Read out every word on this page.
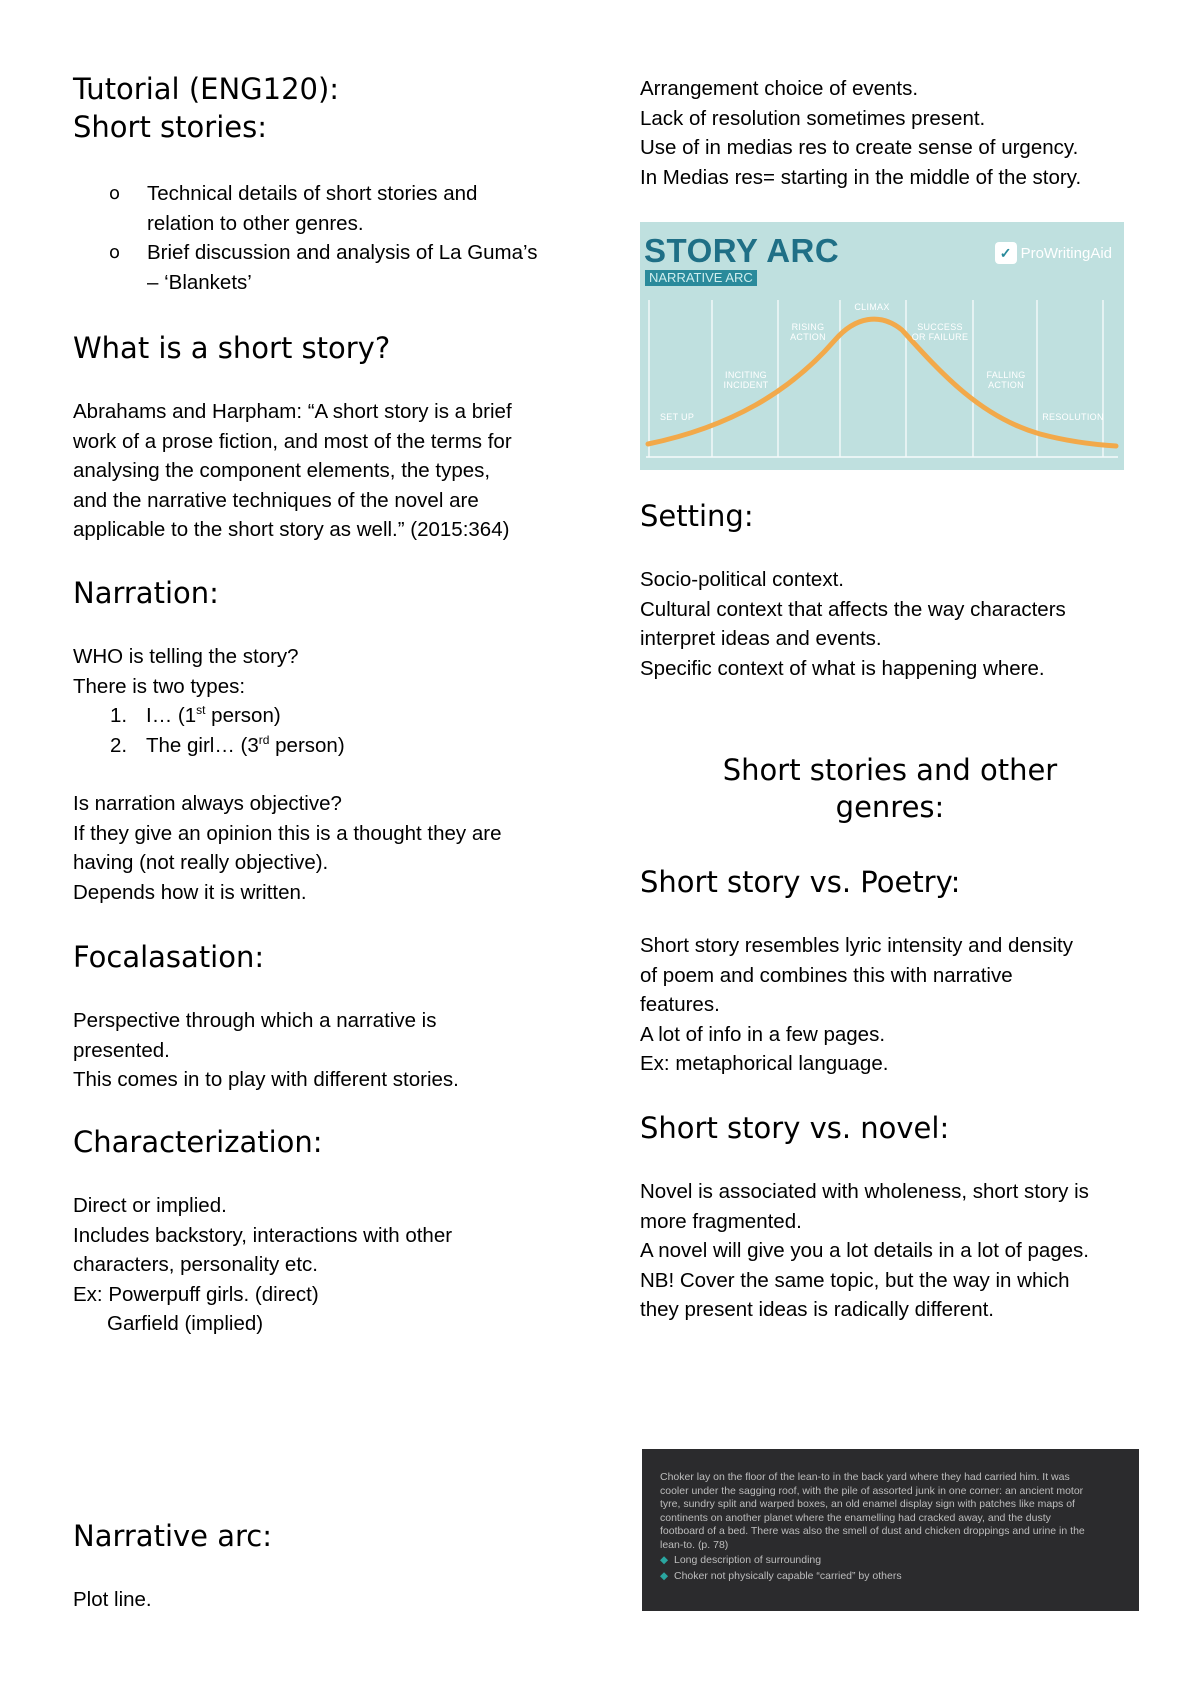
Tutorial (ENG120):
Short stories:
o	Technical details of short stories and
relation to other genres.
o	Brief discussion and analysis of La Guma’s
– ‘Blankets’
What is a short story?
Abrahams and Harpham: “A short story is a brief
work of a prose fiction, and most of the terms for
analysing the component elements, the types,
and the narrative techniques of the novel are
applicable to the short story as well.” (2015:364)
Narration:
WHO is telling the story?
There is two types:
1. I… (1st person)
2. The girl… (3rd person)
Is narration always objective?
If they give an opinion this is a thought they are
having (not really objective).
Depends how it is written.
Focalasation:
Perspective through which a narrative is
presented.
This comes in to play with different stories.
Characterization:
Direct or implied.
Includes backstory, interactions with other
characters, personality etc.
Ex: Powerpuff girls. (direct)
Garfield (implied)
Narrative arc:
Plot line.
Arrangement choice of events.
Lack of resolution sometimes present.
Use of in medias res to create sense of urgency.
In Medias res= starting in the middle of the story.
Setting:
Socio-political context.
Cultural context that affects the way characters
interpret ideas and events.
Specific context of what is happening where.
Short stories and other
genres:
Short story vs. Poetry:
Short story resembles lyric intensity and density
of poem and combines this with narrative
features.
A lot of info in a few pages.
Ex: metaphorical language.
Short story vs. novel:
Novel is associated with wholeness, short story is
more fragmented.
A novel will give you a lot details in a lot of pages.
NB! Cover the same topic, but the way in which
they present ideas is radically different.
STORY ARC
NARRATIVE ARC
✓ ProWritingAid
SET UP
INCITING
INCIDENT
RISING
ACTION
CLIMAX
SUCCESS
OR FAILURE
FALLING
ACTION
RESOLUTION
Choker lay on the floor of the lean-to in the back yard where they had carried him. It was
cooler under the sagging roof, with the pile of assorted junk in one corner: an ancient motor
tyre, sundry split and warped boxes, an old enamel display sign with patches like maps of
continents on another planet where the enamelling had cracked away, and the dusty
footboard of a bed. There was also the smell of dust and chicken droppings and urine in the
lean-to. (p. 78)
◆ Long description of surrounding
◆ Choker not physically capable “carried” by others
